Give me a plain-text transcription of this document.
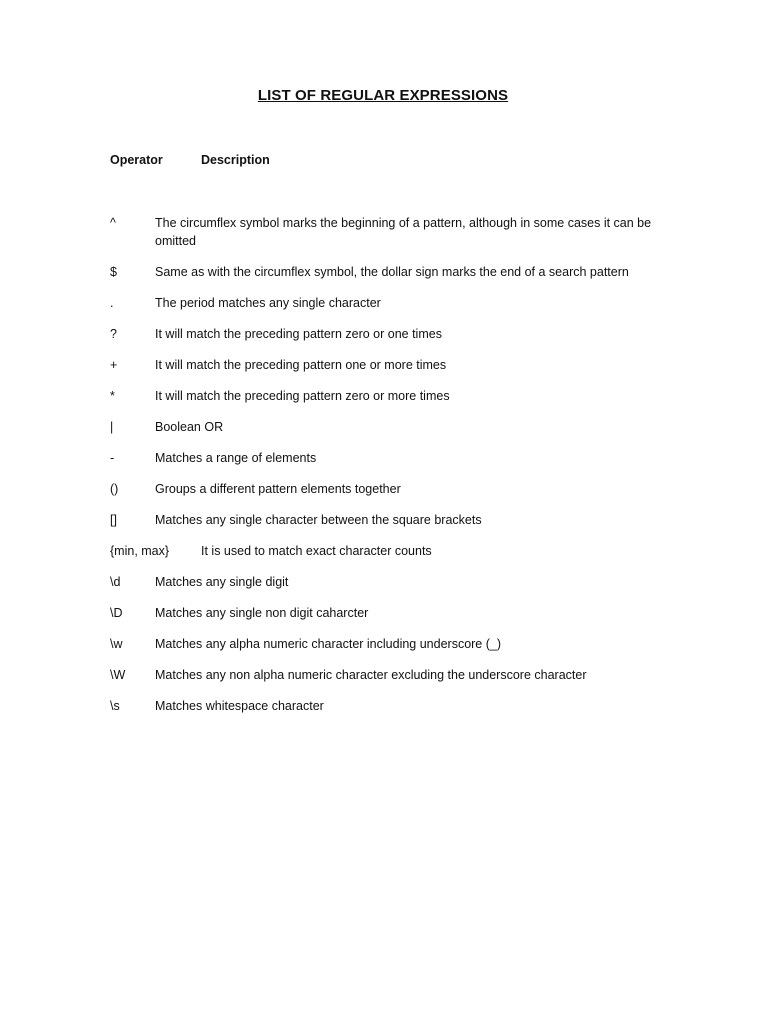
LIST OF REGULAR EXPRESSIONS
Operator	Description
^	The circumflex symbol marks the beginning of a pattern, although in some cases it can be omitted
$	Same as with the circumflex symbol, the dollar sign marks the end of a search pattern
.	The period matches any single character
?	It will match the preceding pattern zero or one times
+	It will match the preceding pattern one or more times
*	It will match the preceding pattern zero or more times
|	Boolean OR
-	Matches a range of elements
()	Groups a different pattern elements together
[]	Matches any single character between the square brackets
{min, max}	It is used to match exact character counts
\d	Matches any single digit
\D	Matches any single non digit caharcter
\w	Matches any alpha numeric character including underscore (_)
\W Matches any non alpha numeric character excluding the underscore character
\s	Matches whitespace character
